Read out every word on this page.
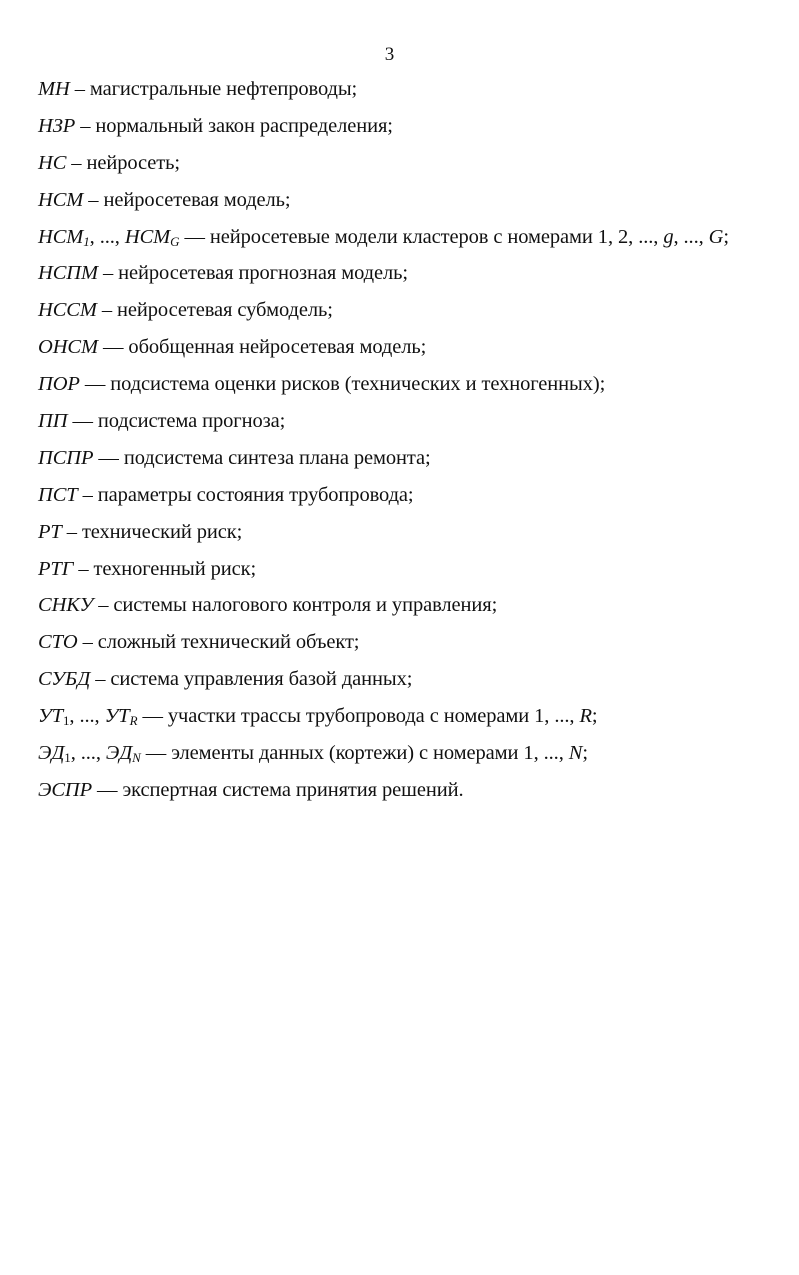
3
МН – магистральные нефтепроводы;
НЗР – нормальный закон распределения;
НС – нейросеть;
НСМ – нейросетевая модель;
$НСМ_1$, ..., $НСМ_G$ — нейросетевые модели кластеров с номерами 1, 2, ..., g, ..., G;
НСПМ – нейросетевая прогнозная модель;
НССМ – нейросетевая субмодель;
ОНСМ — обобщенная нейросетевая модель;
ПОР — подсистема оценки рисков (технических и техногенных);
ПП — подсистема прогноза;
ПСПР — подсистема синтеза плана ремонта;
ПСТ – параметры состояния трубопровода;
РТ – технический риск;
РТГ – техногенный риск;
СНКУ – системы налогового контроля и управления;
СТО – сложный технический объект;
СУБД – система управления базой данных;
$УТ_1$, ..., $УТ_R$ — участки трассы трубопровода с номерами 1, ..., R;
$ЭД_1$, ..., $ЭД_N$ — элементы данных (кортежи) с номерами 1, ..., N;
ЭСПР — экспертная система принятия решений.
